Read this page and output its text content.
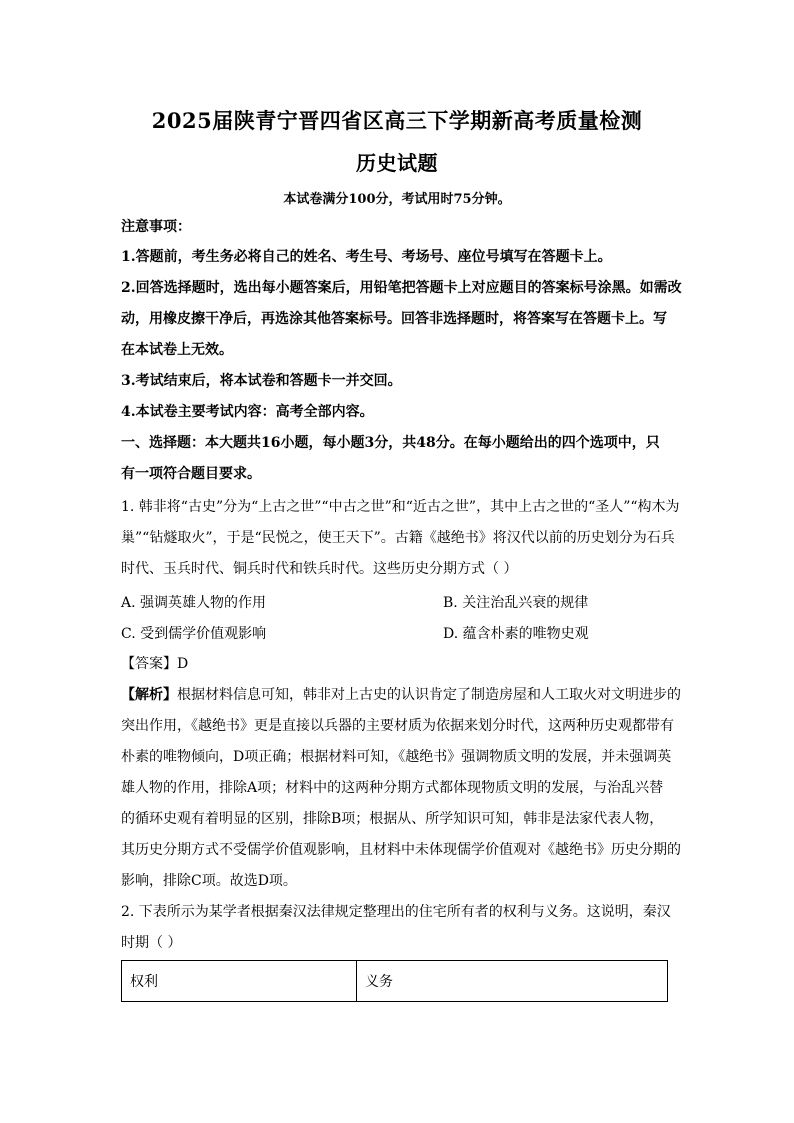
2025届陕青宁晋四省区高三下学期新高考质量检测
历史试题
本试卷满分100分，考试用时75分钟。
注意事项：
1.答题前，考生务必将自己的姓名、考生号、考场号、座位号填写在答题卡上。
2.回答选择题时，选出每小题答案后，用铅笔把答题卡上对应题目的答案标号涂黑。如需改
动，用橡皮擦干净后，再选涂其他答案标号。回答非选择题时，将答案写在答题卡上。写
在本试卷上无效。
3.考试结束后，将本试卷和答题卡一并交回。
4.本试卷主要考试内容：高考全部内容。
一、选择题：本大题共16小题，每小题3分，共48分。在每小题给出的四个选项中，只
有一项符合题目要求。
1. 韩非将“古史”分为“上古之世”“中古之世”和“近古之世”，其中上古之世的“圣人”“构木为
巢”“钻燧取火”，于是“民悦之，使王天下”。古籍《越绝书》将汉代以前的历史划分为石兵
时代、玉兵时代、铜兵时代和铁兵时代。这些历史分期方式（ ）
A. 强调英雄人物的作用	B. 关注治乱兴衰的规律
C. 受到儒学价值观影响	D. 蕴含朴素的唯物史观
【答案】D
【解析】根据材料信息可知，韩非对上古史的认识肯定了制造房屋和人工取火对文明进步的
突出作用，《越绝书》更是直接以兵器的主要材质为依据来划分时代，这两种历史观都带有
朴素的唯物倾向，D项正确；根据材料可知，《越绝书》强调物质文明的发展，并未强调英
雄人物的作用，排除A项；材料中的这两种分期方式都体现物质文明的发展，与治乱兴替
的循环史观有着明显的区别，排除B项；根据从、所学知识可知，韩非是法家代表人物，
其历史分期方式不受儒学价值观影响，且材料中未体现儒学价值观对《越绝书》历史分期的
影响，排除C项。故选D项。
2. 下表所示为某学者根据秦汉法律规定整理出的住宅所有者的权利与义务。这说明，秦汉
时期（ ）
权利	义务
